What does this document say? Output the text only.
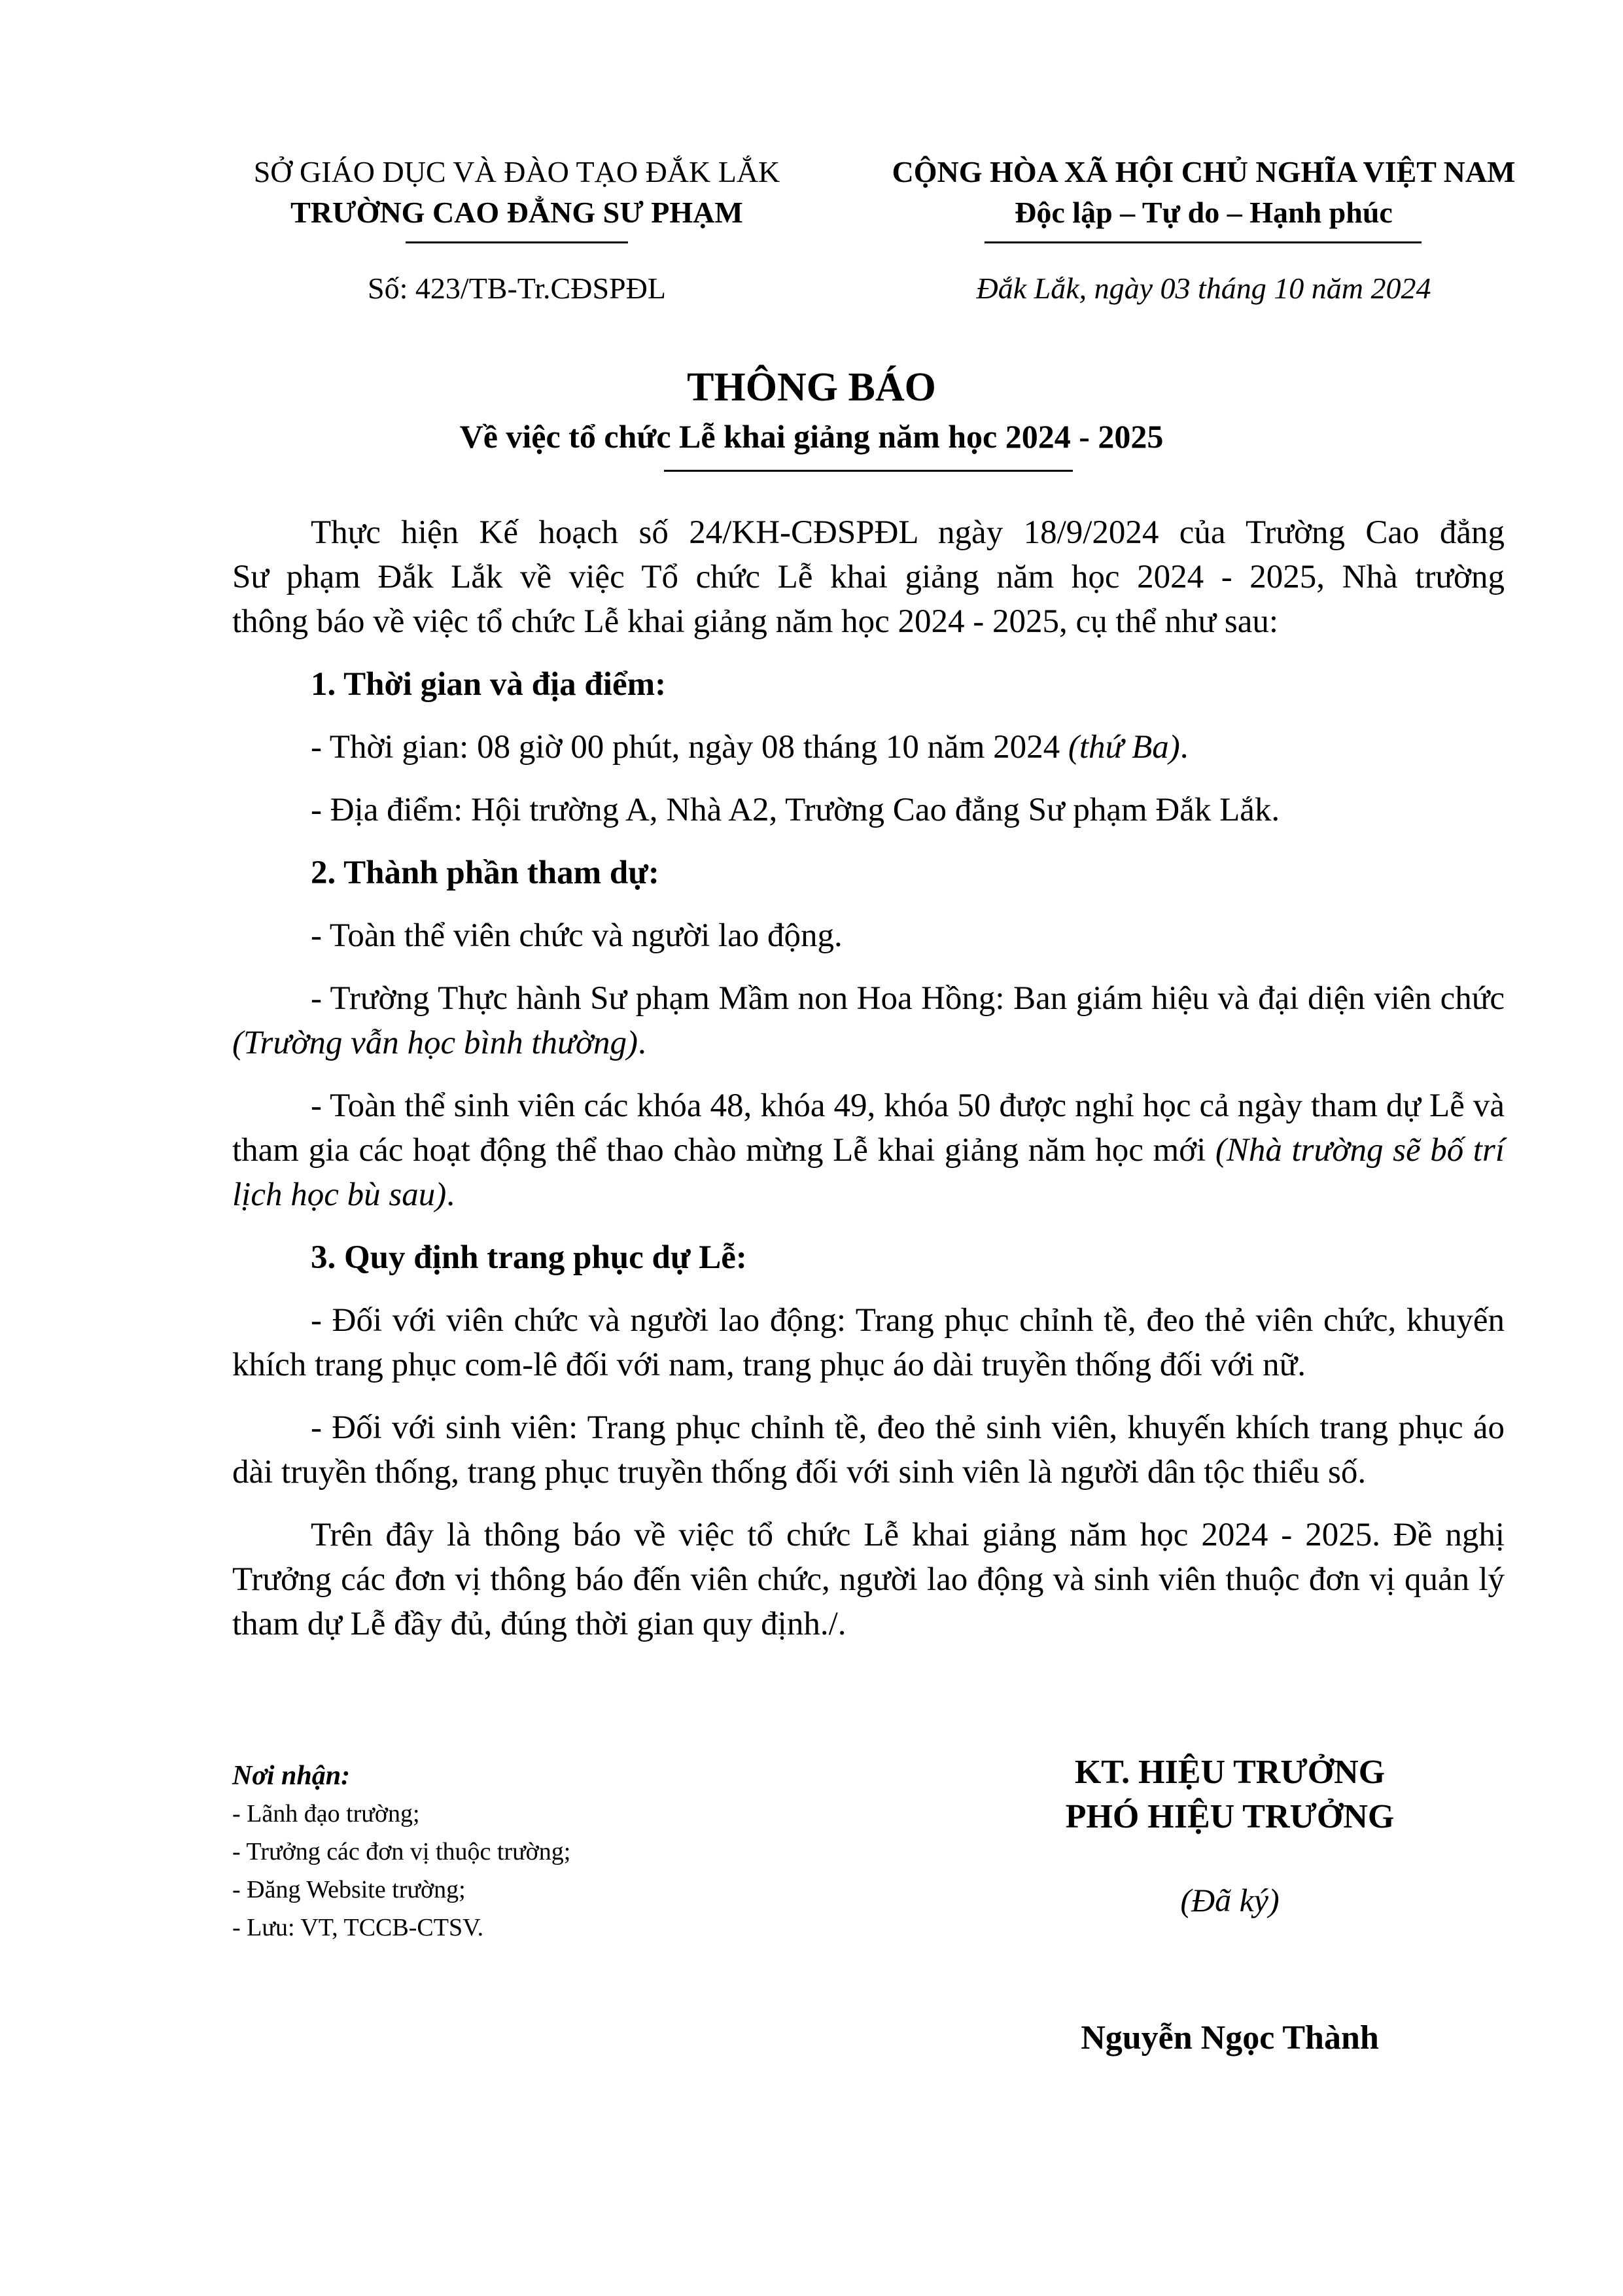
SỞ GIÁO DỤC VÀ ĐÀO TẠO ĐẮK LẮK
TRƯỜNG CAO ĐẲNG SƯ PHẠM
Số: 423/TB-Tr.CĐSPĐL
CỘNG HÒA XÃ HỘI CHỦ NGHĨA VIỆT NAM
Độc lập – Tự do – Hạnh phúc
Đắk Lắk, ngày 03 tháng 10 năm 2024
THÔNG BÁO
Về việc tổ chức Lễ khai giảng năm học 2024 - 2025
Thực hiện Kế hoạch số 24/KH-CĐSPĐL ngày 18/9/2024 của Trường Cao đẳng
Sư phạm Đắk Lắk về việc Tổ chức Lễ khai giảng năm học 2024 - 2025, Nhà trường
thông báo về việc tổ chức Lễ khai giảng năm học 2024 - 2025, cụ thể như sau:
1. Thời gian và địa điểm:
- Thời gian: 08 giờ 00 phút, ngày 08 tháng 10 năm 2024 (thứ Ba).
- Địa điểm: Hội trường A, Nhà A2, Trường Cao đẳng Sư phạm Đắk Lắk.
2. Thành phần tham dự:
- Toàn thể viên chức và người lao động.
- Trường Thực hành Sư phạm Mầm non Hoa Hồng: Ban giám hiệu và đại diện viên chức (Trường vẫn học bình thường).
- Toàn thể sinh viên các khóa 48, khóa 49, khóa 50 được nghỉ học cả ngày tham dự Lễ và tham gia các hoạt động thể thao chào mừng Lễ khai giảng năm học mới (Nhà trường sẽ bố trí lịch học bù sau).
3. Quy định trang phục dự Lễ:
- Đối với viên chức và người lao động: Trang phục chỉnh tề, đeo thẻ viên chức, khuyến khích trang phục com-lê đối với nam, trang phục áo dài truyền thống đối với nữ.
- Đối với sinh viên: Trang phục chỉnh tề, đeo thẻ sinh viên, khuyến khích trang phục áo dài truyền thống, trang phục truyền thống đối với sinh viên là người dân tộc thiểu số.
Trên đây là thông báo về việc tổ chức Lễ khai giảng năm học 2024 - 2025. Đề nghị Trưởng các đơn vị thông báo đến viên chức, người lao động và sinh viên thuộc đơn vị quản lý tham dự Lễ đầy đủ, đúng thời gian quy định./.
Nơi nhận:
- Lãnh đạo trường;
- Trưởng các đơn vị thuộc trường;
- Đăng Website trường;
- Lưu: VT, TCCB-CTSV.
KT. HIỆU TRƯỞNG
PHÓ HIỆU TRƯỞNG
(Đã ký)
Nguyễn Ngọc Thành
